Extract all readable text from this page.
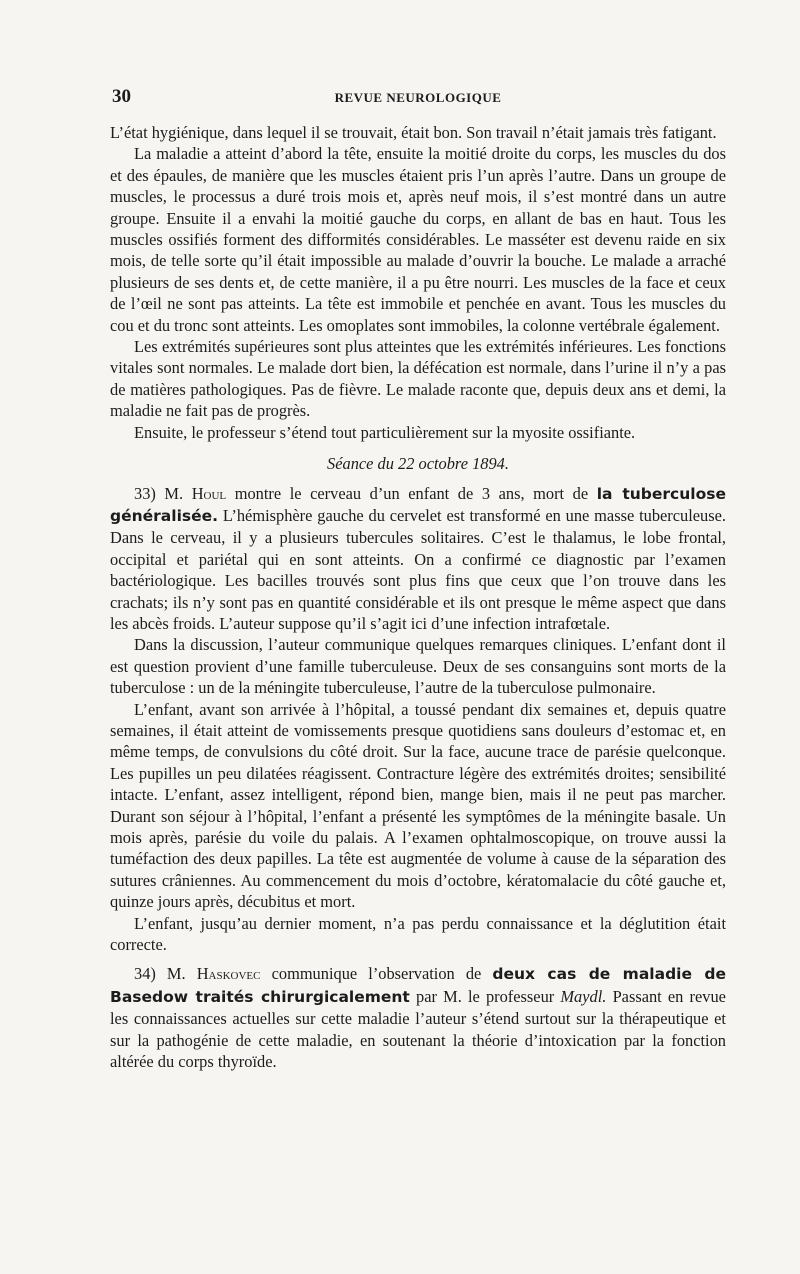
30	REVUE NEUROLOGIQUE

L’état hygiénique, dans lequel il se trouvait, était bon. Son travail n’était jamais très fatigant.

La maladie a atteint d’abord la tête, ensuite la moitié droite du corps, les muscles du dos et des épaules, de manière que les muscles étaient pris l’un après l’autre. Dans un groupe de muscles, le processus a duré trois mois et, après neuf mois, il s’est montré dans un autre groupe. Ensuite il a envahi la moitié gauche du corps, en allant de bas en haut. Tous les muscles ossifiés forment des difformités considérables. Le masséter est devenu raide en six mois, de telle sorte qu’il était impossible au malade d’ouvrir la bouche. Le malade a arraché plusieurs de ses dents et, de cette manière, il a pu être nourri. Les muscles de la face et ceux de l’œil ne sont pas atteints. La tête est immobile et penchée en avant. Tous les muscles du cou et du tronc sont atteints. Les omoplates sont immobiles, la colonne vertébrale également.

Les extrémités supérieures sont plus atteintes que les extrémités inférieures. Les fonctions vitales sont normales. Le malade dort bien, la défécation est normale, dans l’urine il n’y a pas de matières pathologiques. Pas de fièvre. Le malade raconte que, depuis deux ans et demi, la maladie ne fait pas de progrès.

Ensuite, le professeur s’étend tout particulièrement sur la myosite ossifiante.

Séance du 22 octobre 1894.

33) M. Houl montre le cerveau d’un enfant de 3 ans, mort de la tuberculose généralisée. L’hémisphère gauche du cervelet est transformé en une masse tuberculeuse. Dans le cerveau, il y a plusieurs tubercules solitaires. C’est le thalamus, le lobe frontal, occipital et pariétal qui en sont atteints. On a confirmé ce diagnostic par l’examen bactériologique. Les bacilles trouvés sont plus fins que ceux que l’on trouve dans les crachats; ils n’y sont pas en quantité considérable et ils ont presque le même aspect que dans les abcès froids. L’auteur suppose qu’il s’agit ici d’une infection intrafœtale.

Dans la discussion, l’auteur communique quelques remarques cliniques. L’enfant dont il est question provient d’une famille tuberculeuse. Deux de ses consanguins sont morts de la tuberculose : un de la méningite tuberculeuse, l’autre de la tuberculose pulmonaire.

L’enfant, avant son arrivée à l’hôpital, a toussé pendant dix semaines et, depuis quatre semaines, il était atteint de vomissements presque quotidiens sans douleurs d’estomac et, en même temps, de convulsions du côté droit. Sur la face, aucune trace de parésie quelconque. Les pupilles un peu dilatées réagissent. Contracture légère des extrémités droites; sensibilité intacte. L’enfant, assez intelligent, répond bien, mange bien, mais il ne peut pas marcher. Durant son séjour à l’hôpital, l’enfant a présenté les symptômes de la méningite basale. Un mois après, parésie du voile du palais. A l’examen ophtalmoscopique, on trouve aussi la tuméfaction des deux papilles. La tête est augmentée de volume à cause de la séparation des sutures crâniennes. Au commencement du mois d’octobre, kératomalacie du côté gauche et, quinze jours après, décubitus et mort.

L’enfant, jusqu’au dernier moment, n’a pas perdu connaissance et la déglutition était correcte.

34) M. Haskovec communique l’observation de deux cas de maladie de Basedow traités chirurgicalement par M. le professeur Maydl. Passant en revue les connaissances actuelles sur cette maladie l’auteur s’étend surtout sur la thérapeutique et sur la pathogénie de cette maladie, en soutenant la théorie d’intoxication par la fonction altérée du corps thyroïde.
